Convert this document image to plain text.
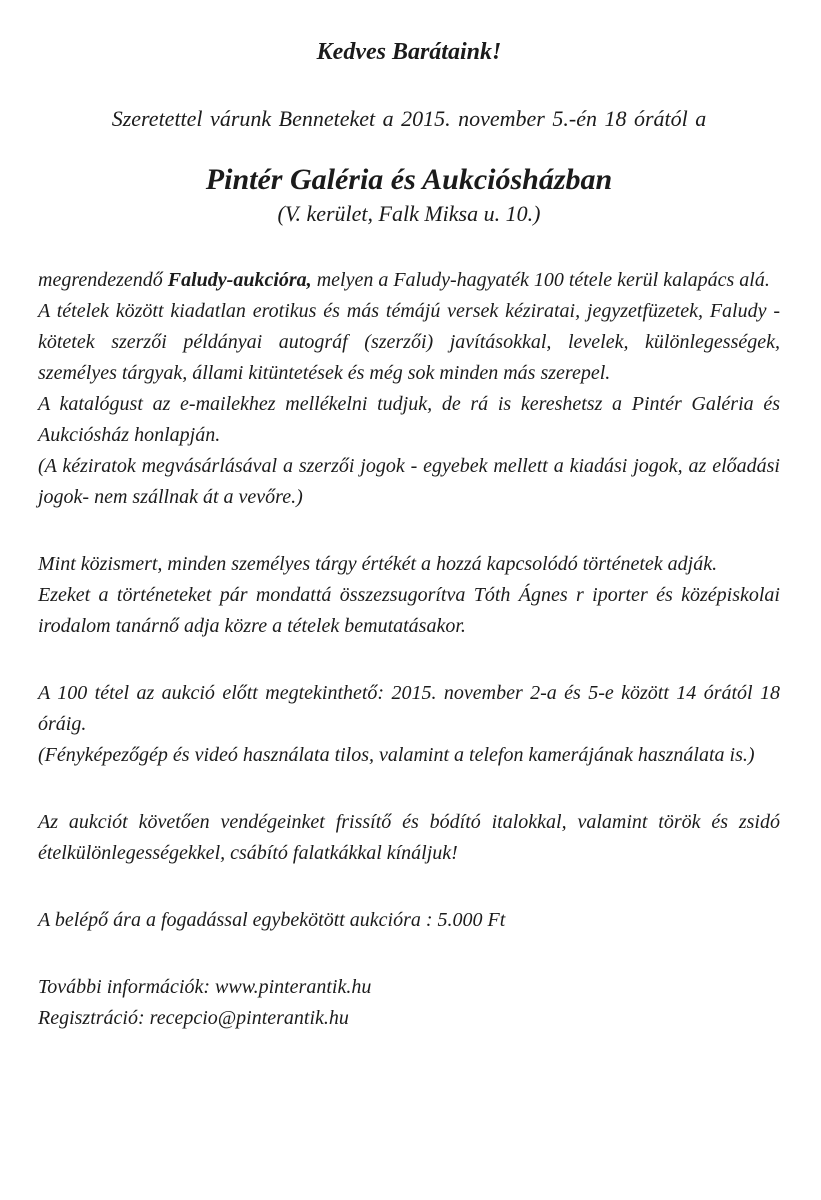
Kedves Barátaink!

Szeretettel várunk Benneteket a 2015. november 5.-én 18 órától a

Pintér Galéria és Aukciósházban

(V. kerület, Falk Miksa u. 10.)

megrendezendő Faludy-aukcióra, melyen a Faludy-hagyaték 100 tétele kerül kalapács alá.

A tételek között kiadatlan erotikus és más témájú versek kéziratai, jegyzetfüzetek, Faludy - kötetek szerzői példányai autográf (szerzői) javításokkal, levelek, különlegességek, személyes tárgyak, állami kitüntetések és még sok minden más szerepel.

A katalógust az e-mailekhez mellékelni tudjuk, de rá is kereshetsz a Pintér Galéria és Aukciósház honlapján.

(A kéziratok megvásárlásával a szerzői jogok - egyebek mellett a kiadási jogok, az előadási jogok- nem szállnak át a vevőre.)

Mint közismert, minden személyes tárgy értékét a hozzá kapcsolódó történetek adják.

Ezeket a történeteket pár mondattá összezsugorítva Tóth Ágnes r iporter és középiskolai irodalom tanárnő adja közre a tételek bemutatásakor.

A 100 tétel az aukció előtt megtekinthető: 2015. november 2-a és 5-e között 14 órától 18 óráig.

(Fényképezőgép és videó használata tilos, valamint a telefon kamerájának használata is.)

Az aukciót követően vendégeinket frissítő és bódító italokkal, valamint török és zsidó ételkülönlegességekkel, csábító falatkákkal kínáljuk!

A belépő ára a fogadással egybekötött aukcióra : 5.000 Ft

További információk: www.pinterantik.hu

Regisztráció: recepcio@pinterantik.hu
